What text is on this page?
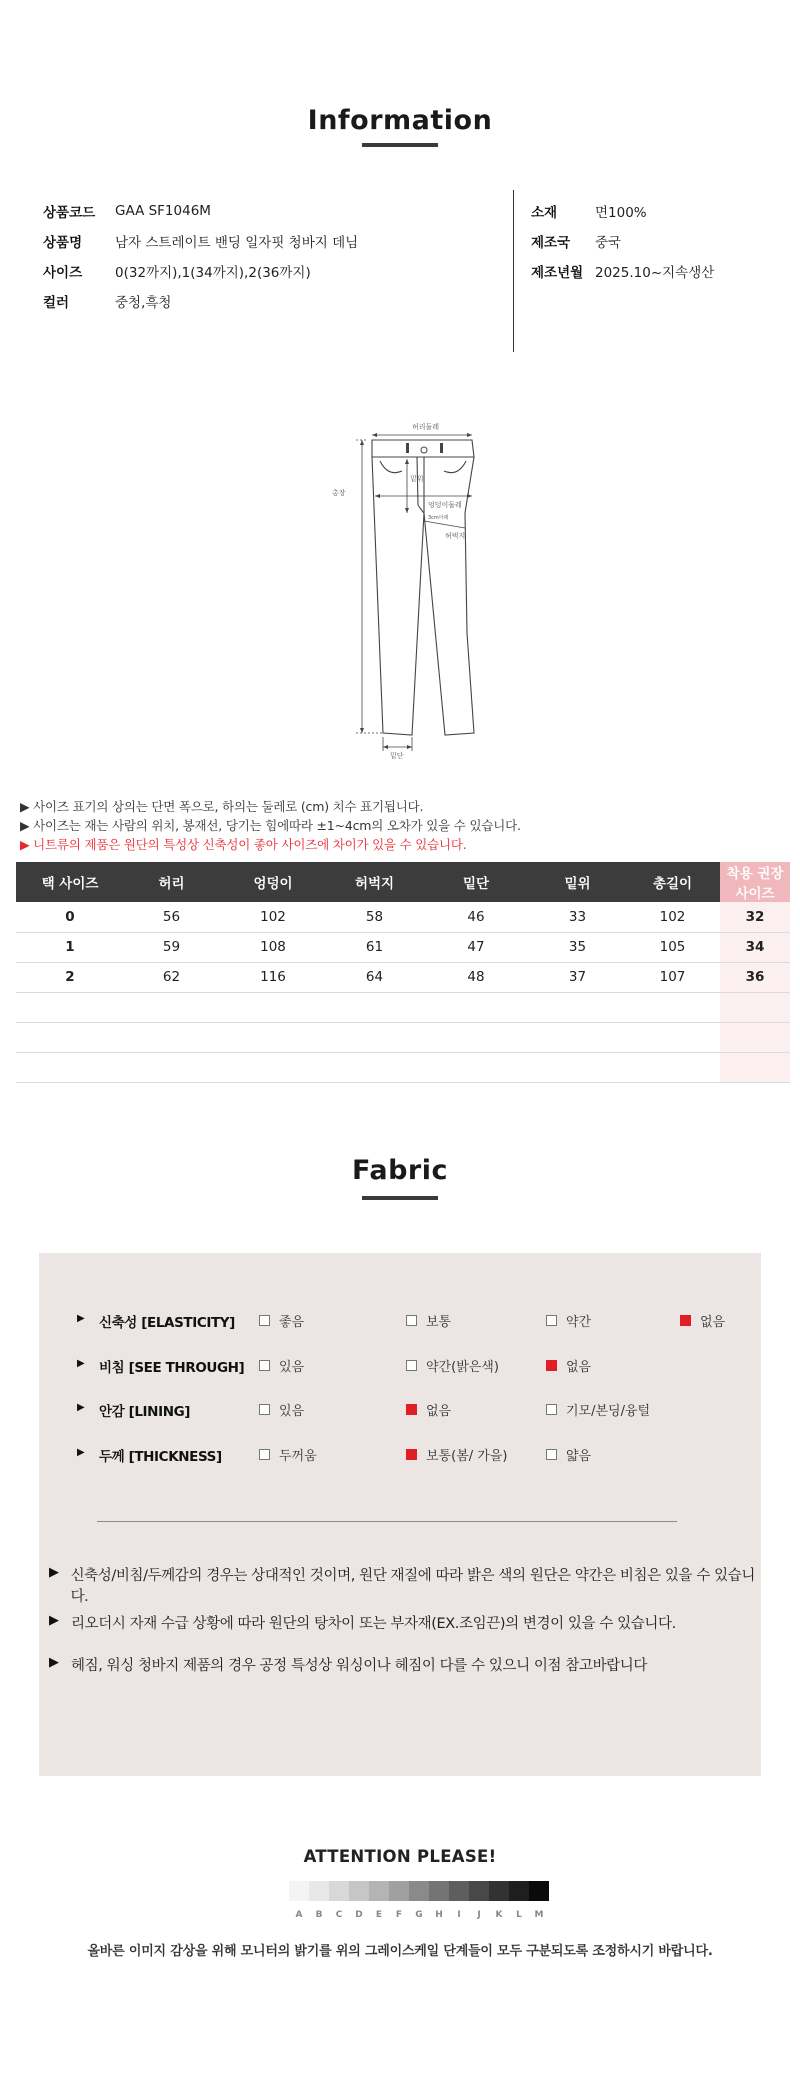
Information
상품코드	GAA SF1046M
상품명	남자 스트레이트 밴딩 일자핏 청바지 데님
사이즈	0(32까지),1(34까지),2(36까지)
컬러	중청,흑청
소재	면100%
제조국	중국
제조년월 2025.10~지속생산
허리둘레
총장
밑위
엉덩이둘레
3cm아래
허벅지
밑단
▶ 사이즈 표기의 상의는 단면 폭으로, 하의는 둘레로 (cm) 치수 표기됩니다.
▶ 사이즈는 재는 사람의 위치, 봉재선, 당기는 힘에따라 ±1~4cm의 오차가 있을 수 있습니다.
▶ 니트류의 제품은 원단의 특성상 신축성이 좋아 사이즈에 차이가 있을 수 있습니다.
택 사이즈	허리	엉덩이	허벅지	밑단	밑위	총길이	착용 권장 사이즈
0	56	102	58	46	33	102	32
1	59	108	61	47	35	105	34
2	62	116	64	48	37	107	36

Fabric
▶ 신축성 [ELASTICITY]	좋음	보통	약간	없음
▶ 비침 [SEE THROUGH]	있음	약간(밝은색)	없음
▶ 안감 [LINING]	있음	없음	기모/본딩/융털
▶ 두께 [THICKNESS]	두꺼움	보통(봄/ 가을)	얇음
▶ 신축성/비침/두께감의 경우는 상대적인 것이며, 원단 재질에 따라 밝은 색의 원단은 약간은 비침은 있을 수 있습니다.
▶ 리오더시 자재 수급 상황에 따라 원단의 탕차이 또는 부자재(EX.조임끈)의 변경이 있을 수 있습니다.
▶ 헤짐, 워싱 청바지 제품의 경우 공정 특성상 워싱이나 헤짐이 다를 수 있으니 이점 참고바랍니다
ATTENTION PLEASE!
A	B	C	D	E	F	G	H	I	J	K	L	M
올바른 이미지 감상을 위해 모니터의 밝기를 위의 그레이스케일 단계들이 모두 구분되도록 조정하시기 바랍니다.
